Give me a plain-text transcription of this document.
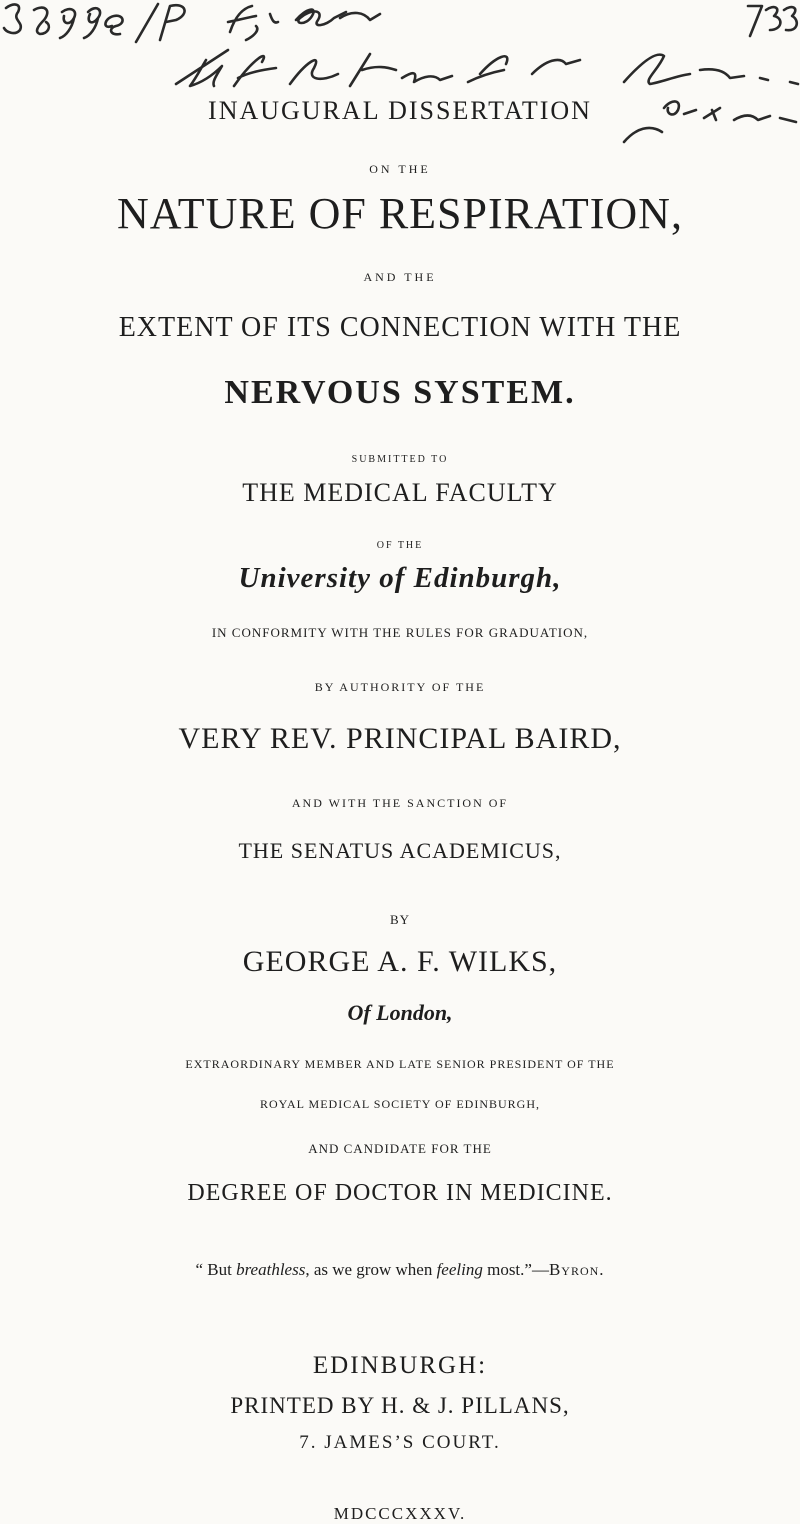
INAUGURAL DISSERTATION
ON THE
NATURE OF RESPIRATION,
AND THE
EXTENT OF ITS CONNECTION WITH THE
NERVOUS SYSTEM.
SUBMITTED TO
THE MEDICAL FACULTY
OF THE
University of Edinburgh,
IN CONFORMITY WITH THE RULES FOR GRADUATION,
BY AUTHORITY OF THE
VERY REV. PRINCIPAL BAIRD,
AND WITH THE SANCTION OF
THE SENATUS ACADEMICUS,
BY
GEORGE A. F. WILKS,
Of London,
EXTRAORDINARY MEMBER AND LATE SENIOR PRESIDENT OF THE
ROYAL MEDICAL SOCIETY OF EDINBURGH,
AND CANDIDATE FOR THE
DEGREE OF DOCTOR IN MEDICINE.
“ But breathless, as we grow when feeling most.”—Byron.
EDINBURGH:
PRINTED BY H. & J. PILLANS,
7. JAMES’S COURT.
MDCCCXXXV.
